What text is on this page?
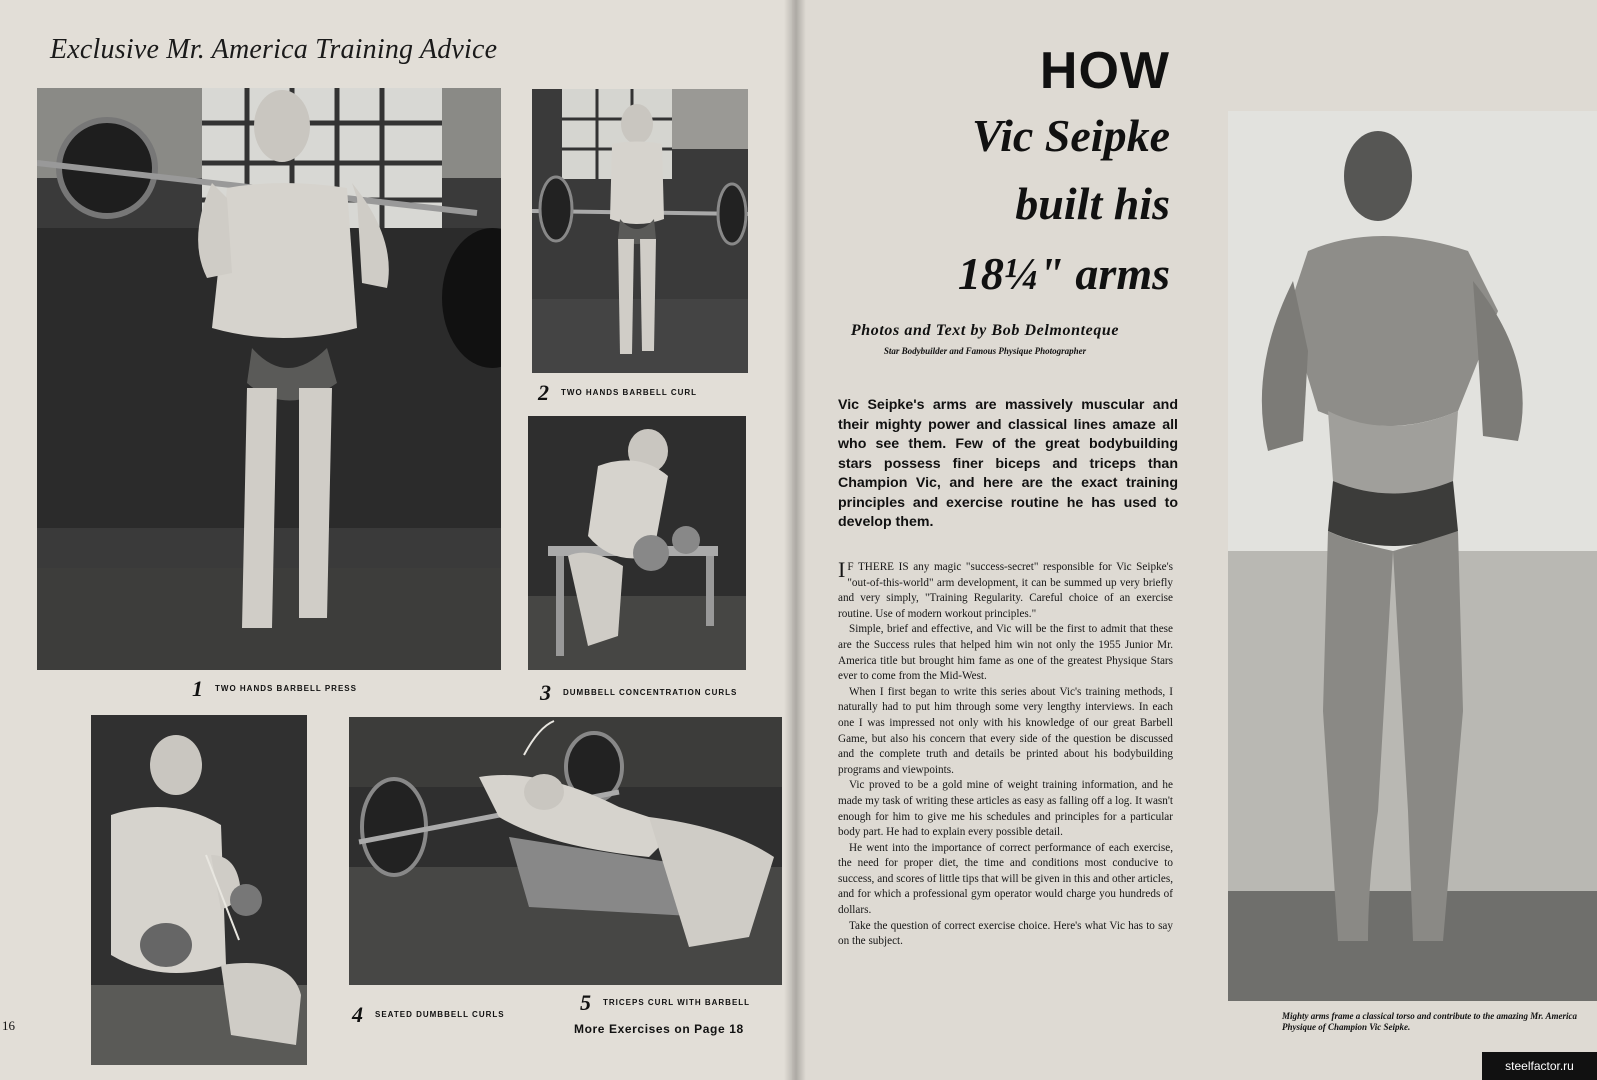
Exclusive Mr. America Training Advice
1 TWO HANDS BARBELL PRESS
2 TWO HANDS BARBELL CURL
3 DUMBBELL CONCENTRATION CURLS
4 SEATED DUMBBELL CURLS	5 TRICEPS CURL WITH BARBELL
More Exercises on Page 18
16
HOW
Vic Seipke
built his
18¼" arms
Photos and Text by Bob Delmonteque
Star Bodybuilder and Famous Physique Photographer
Vic Seipke's arms are massively muscular and their mighty power and classical lines amaze all who see them. Few of the great bodybuilding stars possess finer biceps and triceps than Champion Vic, and here are the exact training principles and exercise routine he has used to develop them.

I F THERE IS any magic "success-secret" responsible for Vic Seipke's "out-of-this-world" arm development, it can be summed up very briefly and very simply, "Training Regularity. Careful choice of an exercise routine. Use of modern workout principles."

Simple, brief and effective, and Vic will be the first to admit that these are the Success rules that helped him win not only the 1955 Junior Mr. America title but brought him fame as one of the greatest Physique Stars ever to come from the Mid-West.

When I first began to write this series about Vic's training methods, I naturally had to put him through some very lengthy interviews. In each one I was impressed not only with his knowledge of our great Barbell Game, but also his concern that every side of the question be discussed and the complete truth and details be printed about his bodybuilding programs and viewpoints.

Vic proved to be a gold mine of weight training information, and he made my task of writing these articles as easy as falling off a log. It wasn't enough for him to give me his schedules and principles for a particular body part. He had to explain every possible detail.

He went into the importance of correct performance of each exercise, the need for proper diet, the time and conditions most conducive to success, and scores of little tips that will be given in this and other articles, and for which a professional gym operator would charge you hundreds of dollars.

Take the question of correct exercise choice. Here's what Vic has to say on the subject.

Mighty arms frame a classical torso and contribute to the amazing Mr. America Physique of Champion Vic Seipke.
steelfactor.ru
